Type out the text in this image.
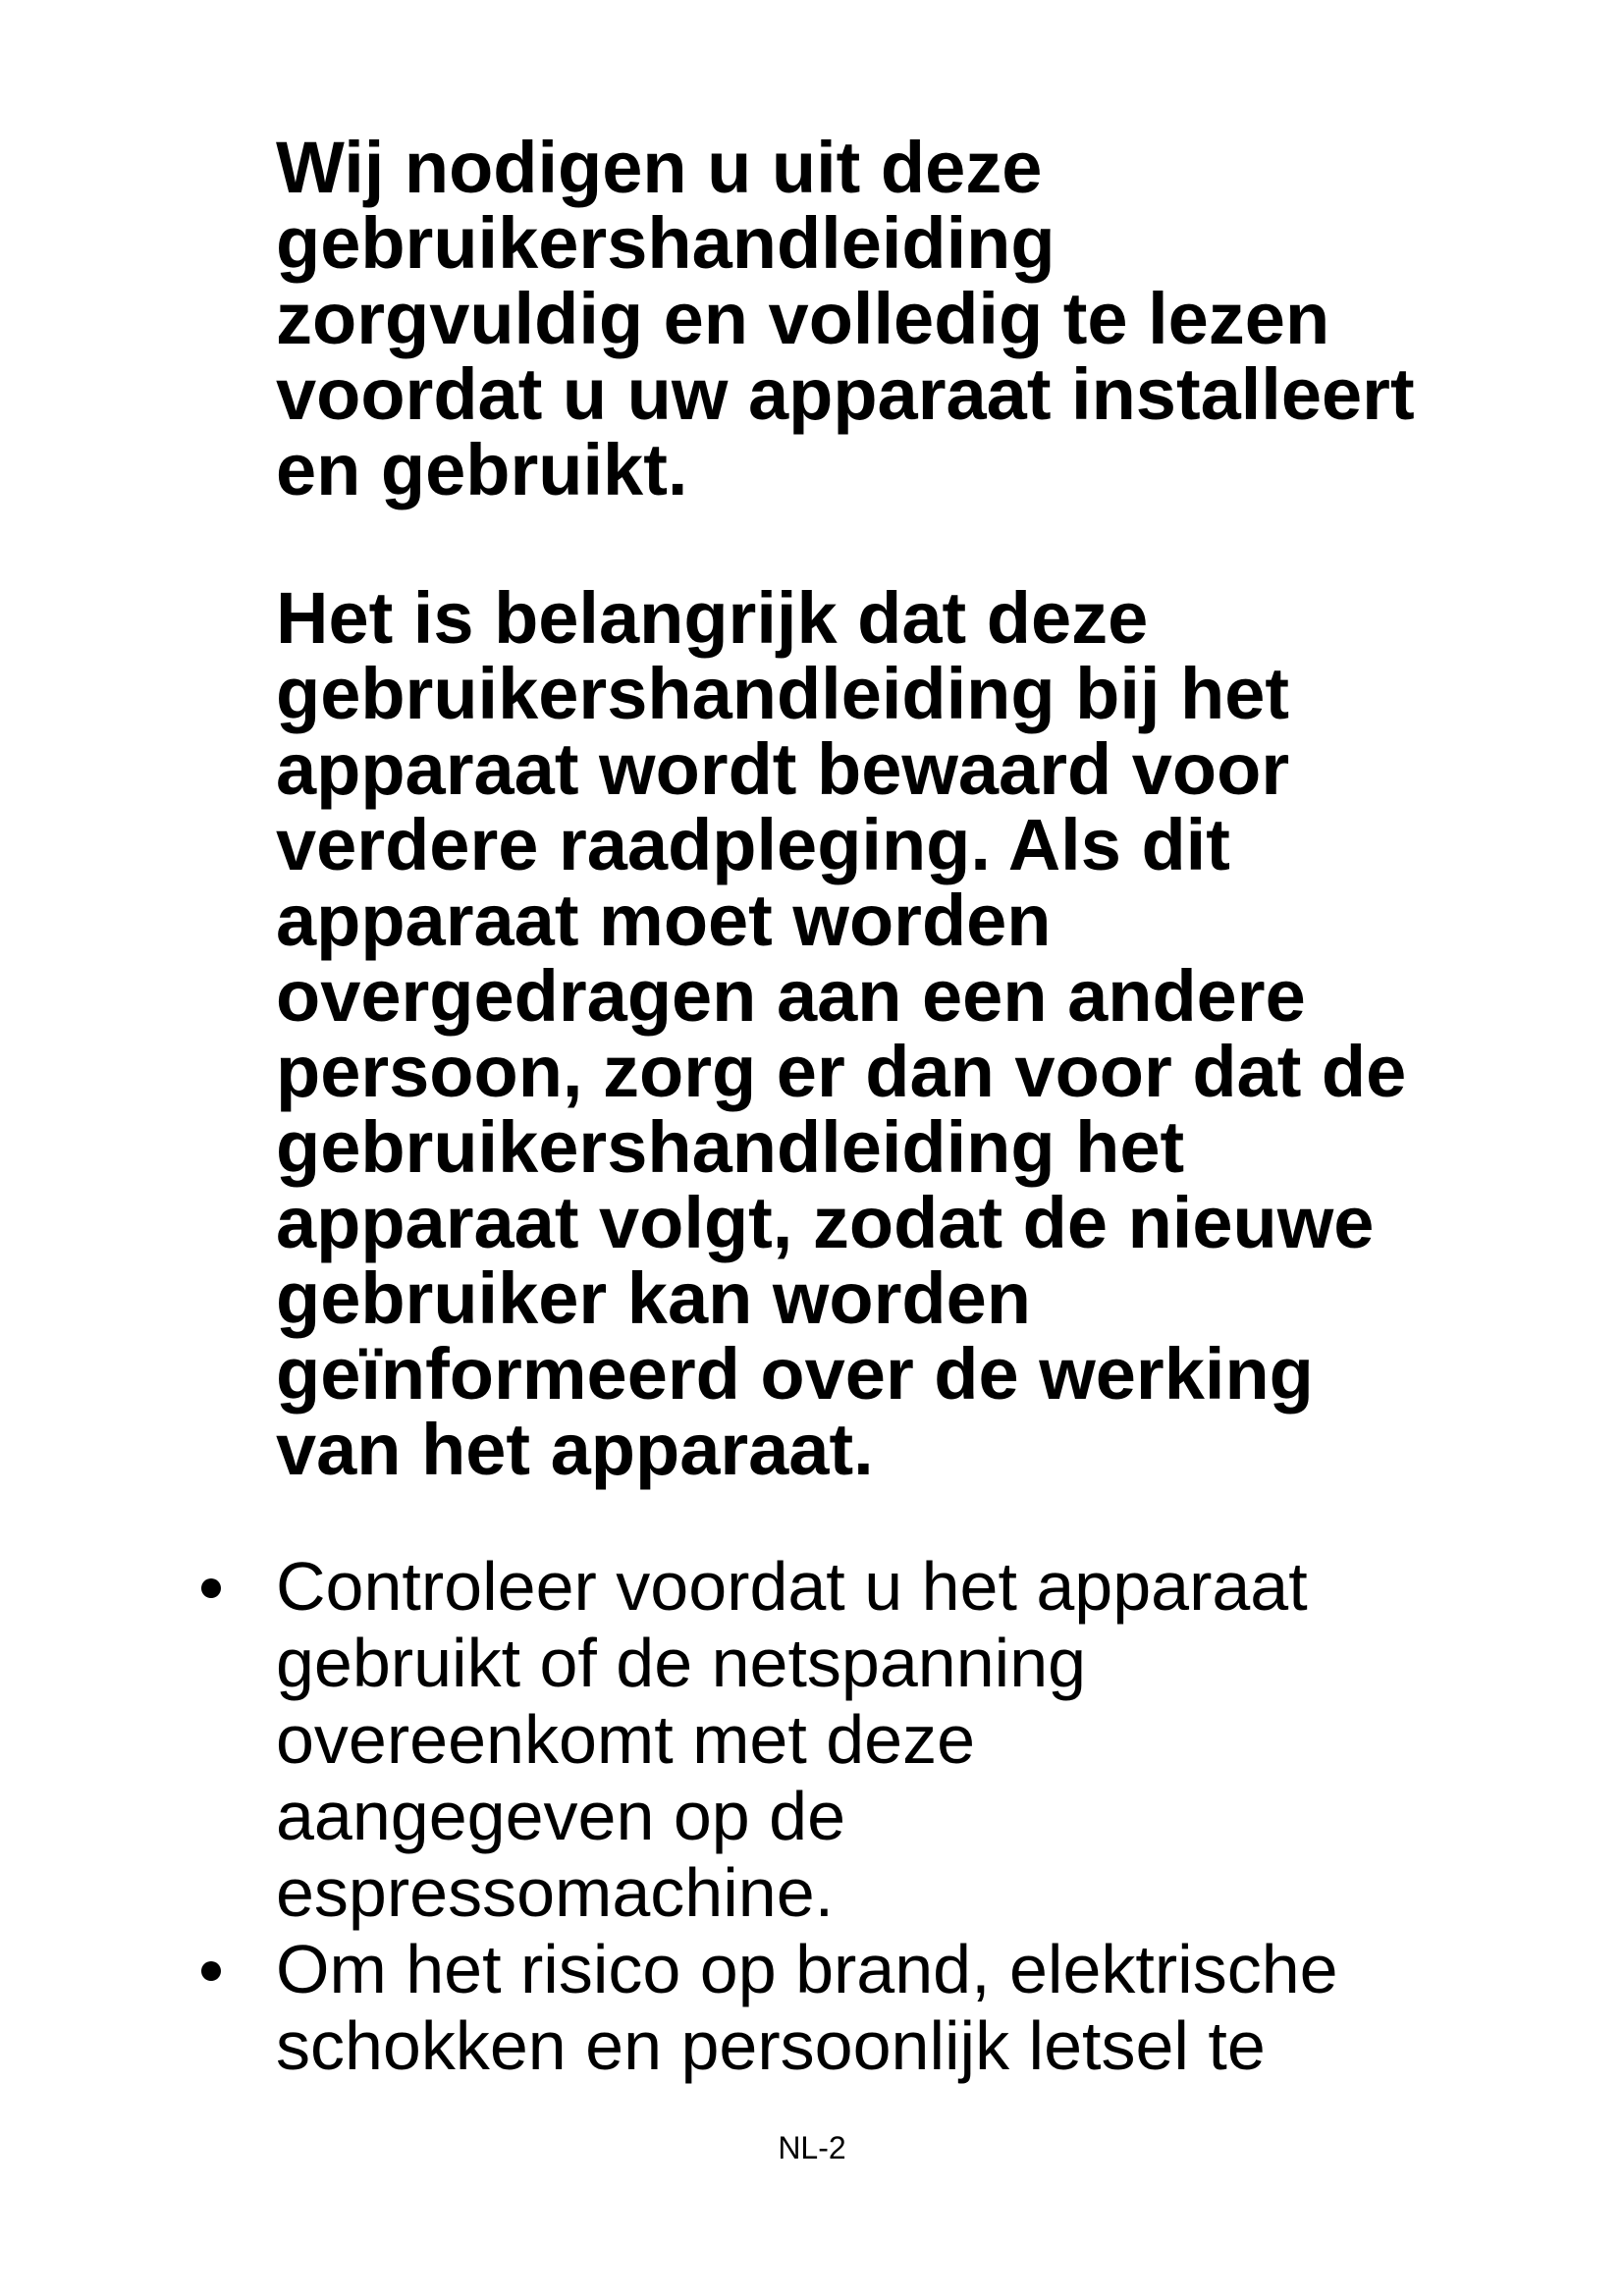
Wij nodigen u uit deze
gebruikershandleiding
zorgvuldig en volledig te lezen
voordat u uw apparaat installeert
en gebruikt.

Het is belangrijk dat deze
gebruikershandleiding bij het
apparaat wordt bewaard voor
verdere raadpleging. Als dit
apparaat moet worden
overgedragen aan een andere
persoon, zorg er dan voor dat de
gebruikershandleiding het
apparaat volgt, zodat de nieuwe
gebruiker kan worden
geïnformeerd over de werking
van het apparaat.

Controleer voordat u het apparaat
gebruikt of de netspanning
overeenkomt met deze
aangegeven op de
espressomachine.
Om het risico op brand, elektrische
schokken en persoonlijk letsel te
NL-2
